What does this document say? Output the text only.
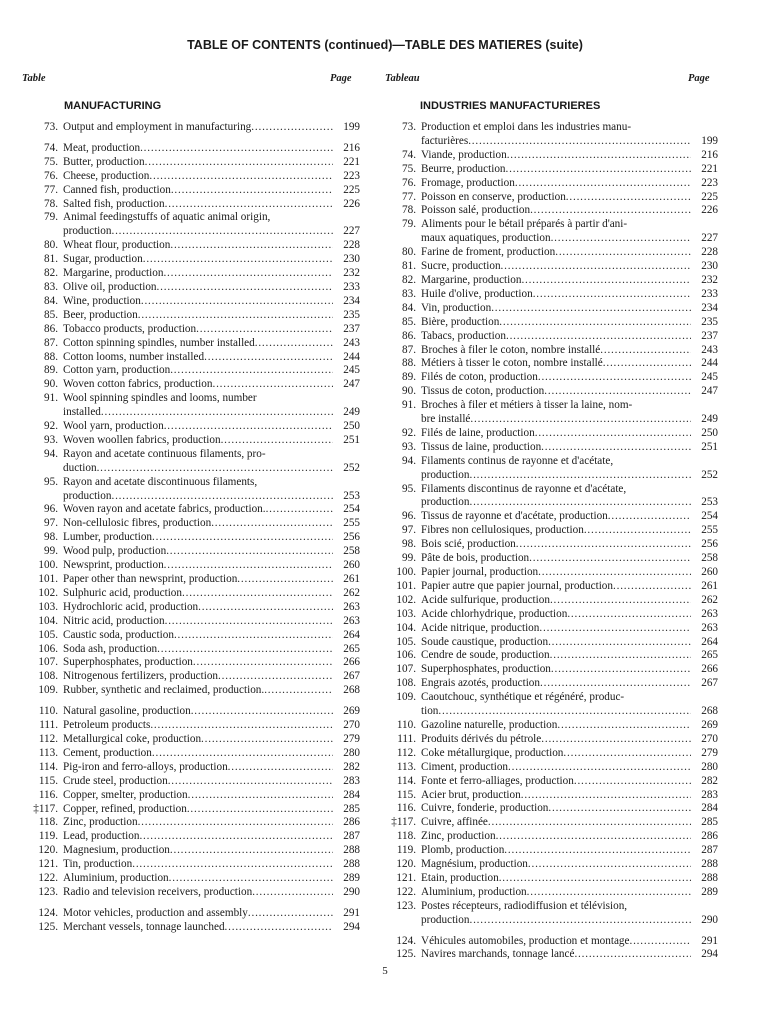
TABLE OF CONTENTS (continued)—TABLE DES MATIERES (suite)
Table	Page	Tableau	Page
MANUFACTURING	INDUSTRIES MANUFACTURIERES
73. Output and employment in manufacturing . . .	199
74. Meat, production . . .	216
75. Butter, production . . .	221
76. Cheese, production . . .	223
77. Canned fish, production . . .	225
78. Salted fish, production . . .	226
79. Animal feedingstuffs of aquatic animal origin,
production . . .	227
80. Wheat flour, production . . .	228
81. Sugar, production . . .	230
82. Margarine, production . . .	232
83. Olive oil, production . . .	233
84. Wine, production . . .	234
85. Beer, production . . .	235
86. Tobacco products, production . . .	237
87. Cotton spinning spindles, number installed . . .	243
88. Cotton looms, number installed . . .	244
89. Cotton yarn, production . . .	245
90. Woven cotton fabrics, production . . .	247
91. Wool spinning spindles and looms, number
installed . . .	249
92. Wool yarn, production . . .	250
93. Woven woollen fabrics, production . . .	251
94. Rayon and acetate continuous filaments, pro-
duction . . .	252
95. Rayon and acetate discontinuous filaments,
production . . .	253
96. Woven rayon and acetate fabrics, production. . . .	254
97. Non-cellulosic fibres, production . . .	255
98. Lumber, production . . .	256
99. Wood pulp, production . . .	258
100. Newsprint, production . . .	260
101. Paper other than newsprint, production . . .	261
102. Sulphuric acid, production . . .	262
103. Hydrochloric acid, production . . .	263
104. Nitric acid, production . . .	263
105. Caustic soda, production . . .	264
106. Soda ash, production . . .	265
107. Superphosphates, production . . .	266
108. Nitrogenous fertilizers, production . . .	267
109. Rubber, synthetic and reclaimed, production. . . .	268
110. Natural gasoline, production . . .	269
111. Petroleum products . . .	270
112. Metallurgical coke, production . . .	279
113. Cement, production . . .	280
114. Pig-iron and ferro-alloys, production . . .	282
115. Crude steel, production . . .	283
116. Copper, smelter, production . . .	284
‡117. Copper, refined, production . . .	285
118. Zinc, production . . .	286
119. Lead, production . . .	287
120. Magnesium, production . . .	288
121. Tin, production . . .	288
122. Aluminium, production . . .	289
123. Radio and television receivers, production . . .	290
124. Motor vehicles, production and assembly . . .	291
125. Merchant vessels, tonnage launched . . .	294
73. Production et emploi dans les industries manu-
facturières . . .	199
74. Viande, production . . .	216
75. Beurre, production . . .	221
76. Fromage, production . . .	223
77. Poisson en conserve, production . . .	225
78. Poisson salé, production . . .	226
79. Aliments pour le bétail préparés à partir d'ani-
maux aquatiques, production . . .	227
80. Farine de froment, production . . .	228
81. Sucre, production . . .	230
82. Margarine, production . . .	232
83. Huile d'olive, production . . .	233
84. Vin, production . . .	234
85. Bière, production . . .	235
86. Tabacs, production . . .	237
87. Broches à filer le coton, nombre installé . . .	243
88. Métiers à tisser le coton, nombre installé . . .	244
89. Filés de coton, production . . .	245
90. Tissus de coton, production . . .	247
91. Broches à filer et métiers à tisser la laine, nom-
bre installé . . .	249
92. Filés de laine, production . . .	250
93. Tissus de laine, production . . .	251
94. Filaments continus de rayonne et d'acétate,
production . . .	252
95. Filaments discontinus de rayonne et d'acétate,
production . . .	253
96. Tissus de rayonne et d'acétate, production . . .	254
97. Fibres non cellulosiques, production . . .	255
98. Bois scié, production . . .	256
99. Pâte de bois, production . . .	258
100. Papier journal, production . . .	260
101. Papier autre que papier journal, production . . .	261
102. Acide sulfurique, production . . .	262
103. Acide chlorhydrique, production . . .	263
104. Acide nitrique, production . . .	263
105. Soude caustique, production . . .	264
106. Cendre de soude, production . . .	265
107. Superphosphates, production . . .	266
108. Engrais azotés, production . . .	267
109. Caoutchouc, synthétique et régénéré, produc-
tion . . .	268
110. Gazoline naturelle, production . . .	269
111. Produits dérivés du pétrole . . .	270
112. Coke métallurgique, production . . .	279
113. Ciment, production . . .	280
114. Fonte et ferro-alliages, production . . .	282
115. Acier brut, production . . .	283
116. Cuivre, fonderie, production . . .	284
‡117. Cuivre, affinée . . .	285
118. Zinc, production . . .	286
119. Plomb, production . . .	287
120. Magnésium, production . . .	288
121. Etain, production . . .	288
122. Aluminium, production . . .	289
123. Postes récepteurs, radiodiffusion et télévision,
production . . .	290
124. Véhicules automobiles, production et montage . . .	291
125. Navires marchands, tonnage lancé . . .	294
5
